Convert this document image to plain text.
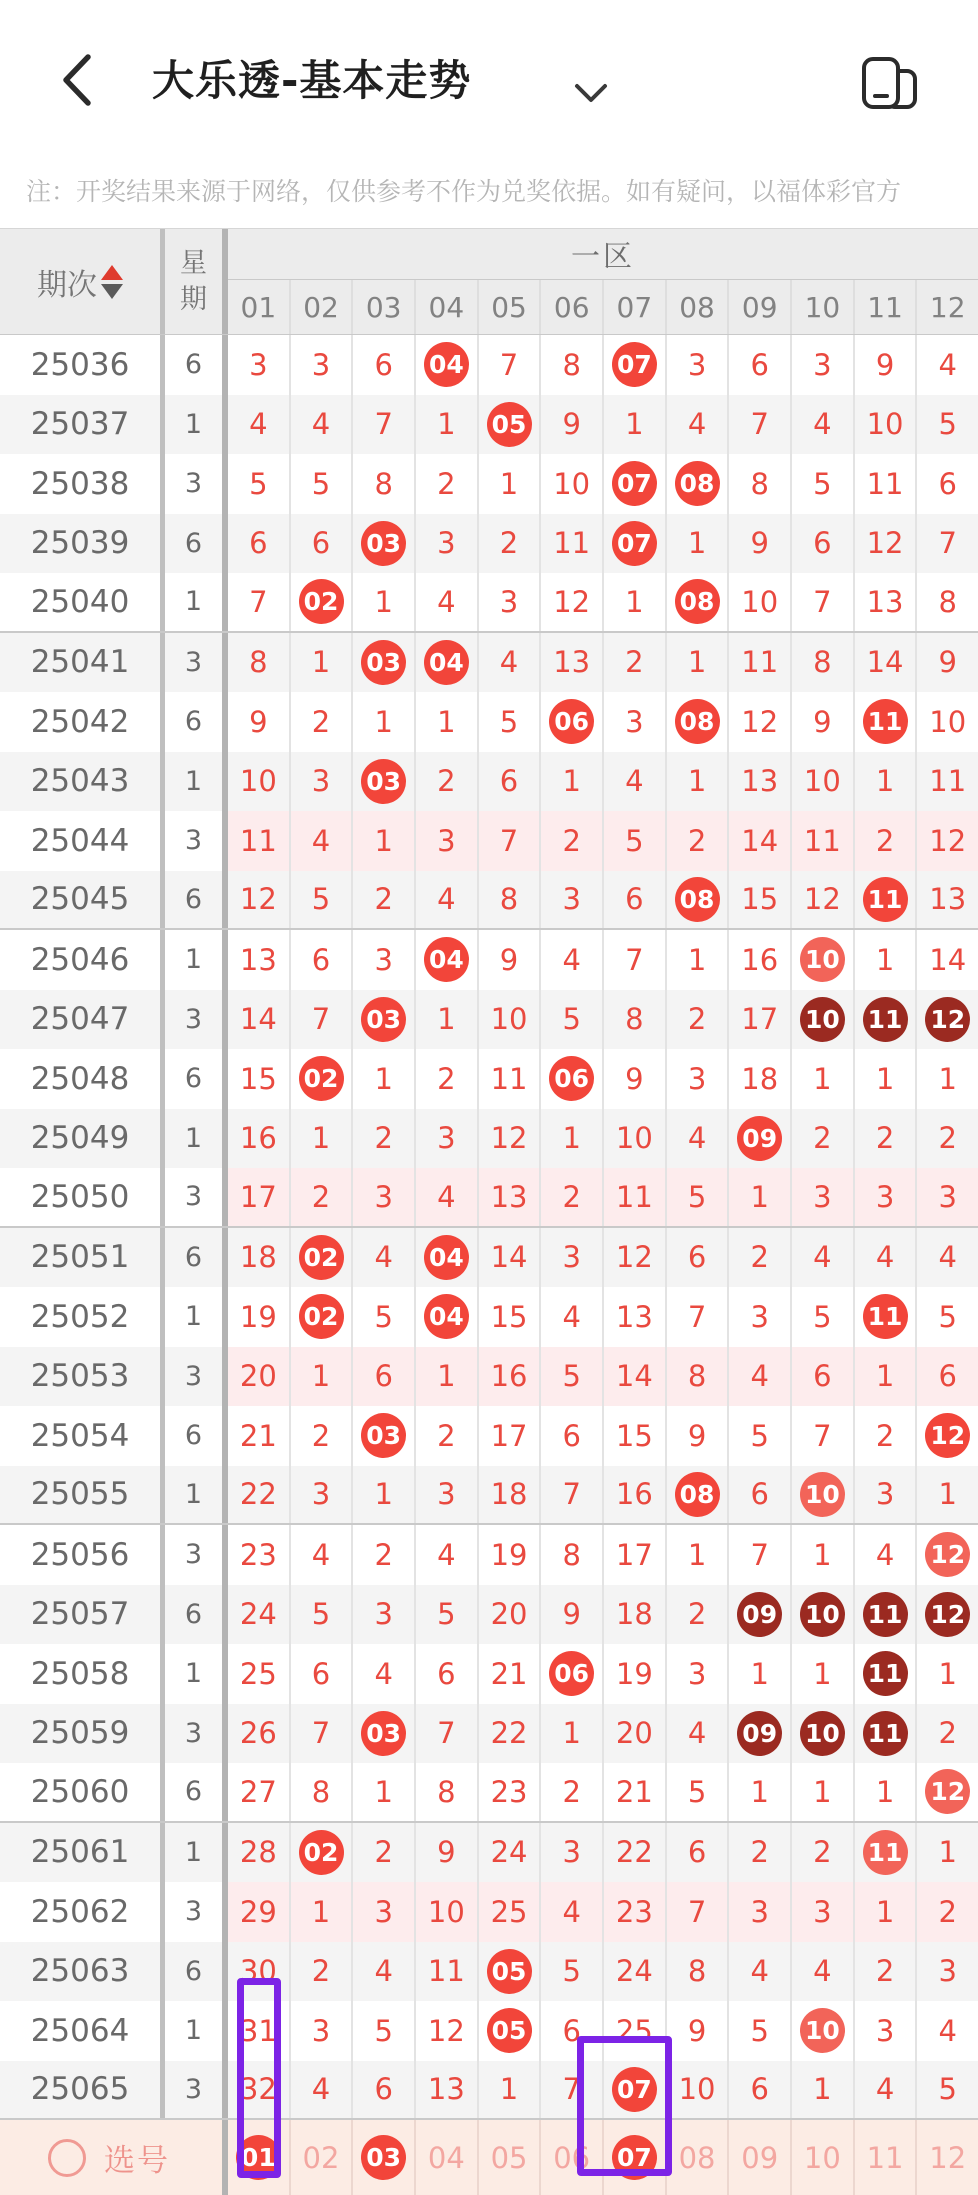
大乐透-基本走势
注：开奖结果来源于网络，仅供参考不作为兑奖依据。如有疑问，以福体彩官方
期次
星
期
一区
01 02 03 04 05 06 07 08 09 10 11 12
25036	6	3 3 6 04 7 8 07 3 6 3 9 4
25037	1	4 4 7 1 05 9 1 4 7 4 10 5
25038	3	5 5 8 2 1 10 07 08 8 5 11 6
25039	6	6 6 03 3 2 11 07 1 9 6 12 7
25040	1	7 02 1 4 3 12 1 08 10 7 13 8
25041	3	8 1 03 04 4 13 2 1 11 8 14 9
25042	6	9 2 1 1 5 06 3 08 12 9 11 10
25043	1	10 3 03 2 6 1 4 1 13 10 1 11
25044	3	11 4 1 3 7 2 5 2 14 11 2 12
25045	6	12 5 2 4 8 3 6 08 15 12 11 13
25046	1	13 6 3 04 9 4 7 1 16 10 1 14
25047	3	14 7 03 1 10 5 8 2 17 10 11 12
25048	6	15 02 1 2 11 06 9 3 18 1 1 1
25049	1	16 1 2 3 12 1 10 4 09 2 2 2
25050	3	17 2 3 4 13 2 11 5 1 3 3 3
25051	6	18 02 4 04 14 3 12 6 2 4 4 4
25052	1	19 02 5 04 15 4 13 7 3 5 11 5
25053	3	20 1 6 1 16 5 14 8 4 6 1 6
25054	6	21 2 03 2 17 6 15 9 5 7 2 12
25055	1	22 3 1 3 18 7 16 08 6 10 3 1
25056	3	23 4 2 4 19 8 17 1 7 1 4 12
25057	6	24 5 3 5 20 9 18 2 09 10 11 12
25058	1	25 6 4 6 21 06 19 3 1 1 11 1
25059	3	26 7 03 7 22 1 20 4 09 10 11 2
25060	6	27 8 1 8 23 2 21 5 1 1 1 12
25061	1	28 02 2 9 24 3 22 6 2 2 11 1
25062	3	29 1 3 10 25 4 23 7 3 3 1 2
25063	6	30 2 4 11 05 5 24 8 4 4 2 3
25064	1	31 3 5 12 05 6 25 9 5 10 3 4
25065	3	32 4 6 13 1 7 07 10 6 1 4 5
选号	01 02 03 04 05 06 07 08 09 10 11 12
